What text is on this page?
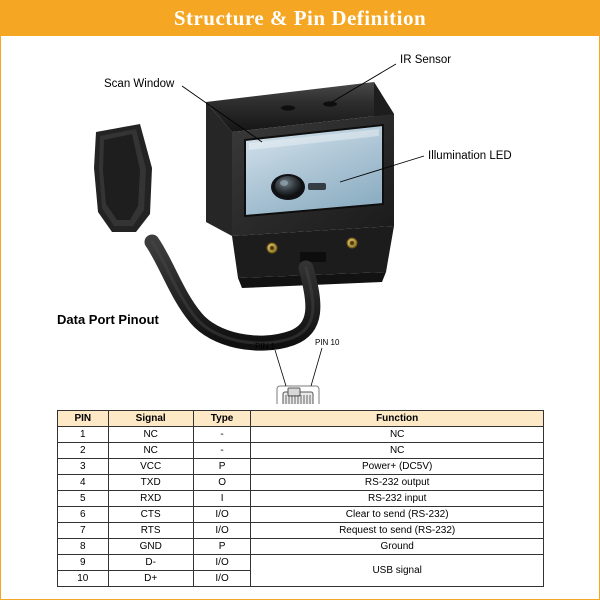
Structure & Pin Definition
Scan Window
IR Sensor
Illumination LED
Data Port Pinout
PIN 1	PIN 10
PIN	Signal	Type	Function
1	NC	-	NC
2	NC	-	NC
3	VCC	P	Power+ (DC5V)
4	TXD	O	RS-232 output
5	RXD	I	RS-232 input
6	CTS	I/O	Clear to send (RS-232)
7	RTS	I/O	Request to send (RS-232)
8	GND	P	Ground
9	D-	I/O	USB signal
10	D+	I/O	
